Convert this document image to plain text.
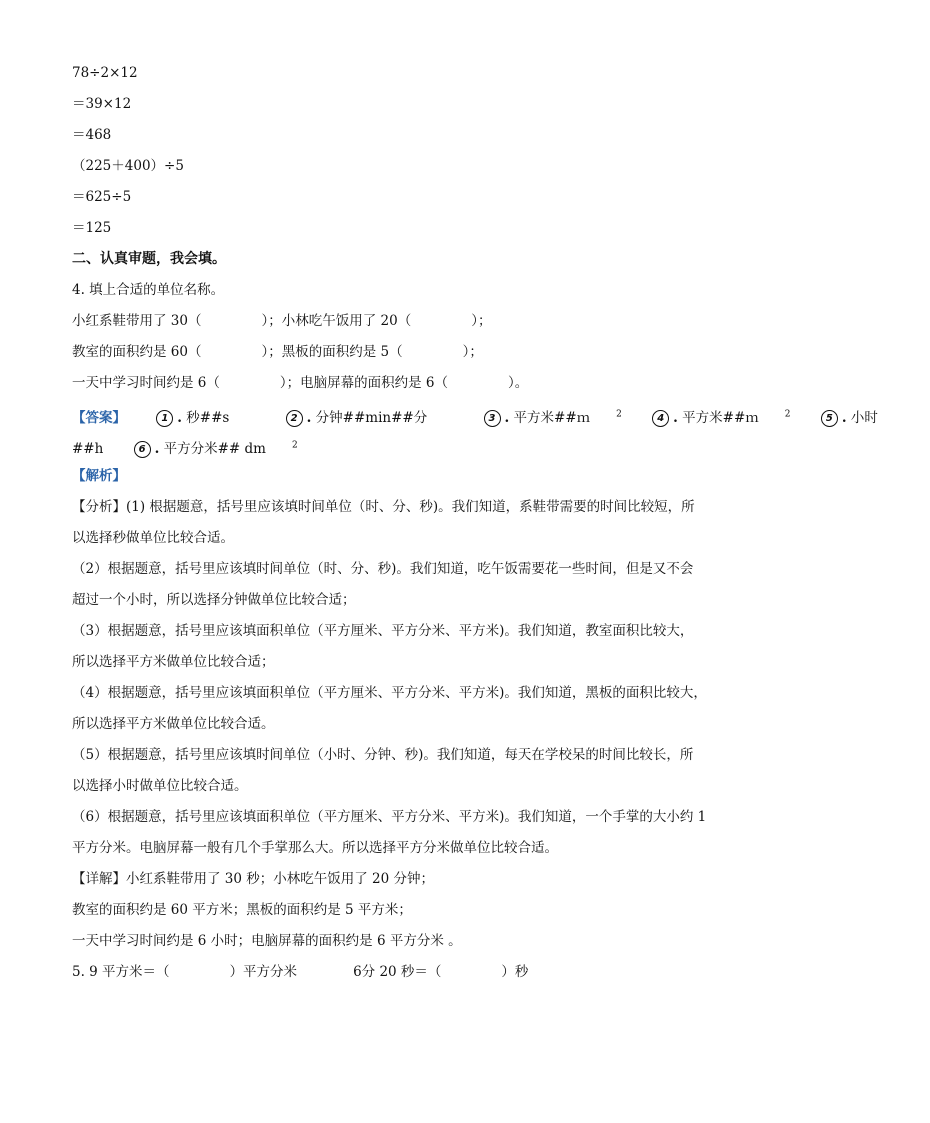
78÷2×12
＝39×12
＝468
（225＋400）÷5
＝625÷5
＝125
二、认真审题，我会填。
4. 填上合适的单位名称。
小红系鞋带用了 30（	）；小林吃午饭用了 20（	）；
教室的面积约是 60（	）；黑板的面积约是 5（	）；
一天中学习时间约是 6（	）；电脑屏幕的面积约是 6（	）。
【答案】	1 . 秒##s	2 . 分钟##min##分	3 . 平方米##ｍ	$^2$	4 . 平方米##ｍ	$^2$	5 . 小时
##h	6 . 平方分米## dm	$^2$
【解析】
【分析】(1) 根据题意，括号里应该填时间单位（时、分、秒)。我们知道，系鞋带需要的时间比较短，所
以选择秒做单位比较合适。
（2）根据题意，括号里应该填时间单位（时、分、秒)。我们知道，吃午饭需要花一些时间，但是又不会
超过一个小时，所以选择分钟做单位比较合适；
（3）根据题意，括号里应该填面积单位（平方厘米、平方分米、平方米)。我们知道，教室面积比较大，
所以选择平方米做单位比较合适；
（4）根据题意，括号里应该填面积单位（平方厘米、平方分米、平方米)。我们知道，黑板的面积比较大，
所以选择平方米做单位比较合适。
（5）根据题意，括号里应该填时间单位（小时、分钟、秒)。我们知道，每天在学校呆的时间比较长，所
以选择小时做单位比较合适。
（6）根据题意，括号里应该填面积单位（平方厘米、平方分米、平方米)。我们知道，一个手掌的大小约 1
平方分米。电脑屏幕一般有几个手掌那么大。所以选择平方分米做单位比较合适。
【详解】小红系鞋带用了 30 秒；小林吃午饭用了 20 分钟；
教室的面积约是 60 平方米；黑板的面积约是 5 平方米；
一天中学习时间约是 6 小时；电脑屏幕的面积约是 6 平方分米 。
5. 9 平方米＝（	）平方分米	6分 20 秒＝（	）秒
